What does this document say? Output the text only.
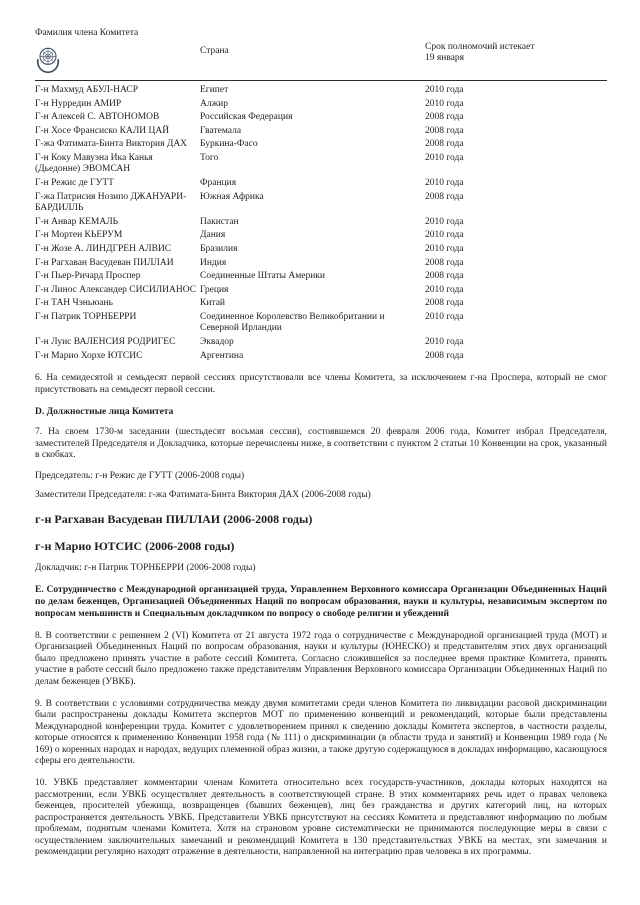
Фамилия члена Комитета
Страна	Срок полномочий истекает 19 января
Г-н Махмуд АБУЛ-НАСР	Египет	2010 года
Г-н Нурредин АМИР	Алжир	2010 года
Г-н Алексей С. АВТОНОМОВ	Российская Федерация	2008 года
Г-н Хосе Франсиско КАЛИ ЦАЙ	Гватемала	2008 года
Г-жа Фатимата-Бинта Виктория ДАХ	Буркина-Фасо	2008 года
Г-н Коку Мавуэна Ика Канья (Дьедонне) ЭВОМСАН	Того	2010 года
Г-н Режис де ГУТТ	Франция	2010 года
Г-жа Патрисия Нозипо ДЖАНУАРИ-БАРДИЛЛЬ	Южная Африка	2008 года
Г-н Анвар КЕМАЛЬ	Пакистан	2010 года
Г-н Мортен КЬЕРУМ	Дания	2010 года
Г-н Жозе А. ЛИНДГРЕН АЛВИС	Бразилия	2010 года
Г-н Рагхаван Васудеван ПИЛЛАИ	Индия	2008 года
Г-н Пьер-Ричард Проспер	Соединенные Штаты Америки	2008 года
Г-н Линос Александер СИСИЛИАНОС	Греция	2010 года
Г-н ТАН Чэньюань	Китай	2008 года
Г-н Патрик ТОРНБЕРРИ	Соединенное Королевство Великобритании и Северной Ирландии	2010 года
Г-н Луис ВАЛЕНСИЯ РОДРИГЕС	Эквадор	2010 года
Г-н Марио Хорхе ЮТСИС	Аргентина	2008 года

6. На семидесятой и семьдесят первой сессиях присутствовали все члены Комитета, за исключением г-на Проспера, который не смог присутствовать на семьдесят первой сессии.

D. Должностные лица Комитета

7. На своем 1730-м заседании (шестьдесят восьмая сессия), состоявшемся 20 февраля 2006 года, Комитет избрал Председателя, заместителей Председателя и Докладчика, которые перечислены ниже, в соответствии с пунктом 2 статьи 10 Конвенции на срок, указанный в скобках.

Председатель: г-н Режис де ГУТТ (2006-2008 годы)

Заместители Председателя: г-жа Фатимата-Бинта Виктория ДАХ (2006-2008 годы)

г-н Рагхаван Васудеван ПИЛЛАИ (2006-2008 годы)

г-н Марио ЮТСИС (2006-2008 годы)

Докладчик: г-н Патрик ТОРНБЕРРИ (2006-2008 годы)

Е. Сотрудничество с Международной организацией труда, Управлением Верховного комиссара Организации Объединенных Наций по делам беженцев, Организацией Объединенных Наций по вопросам образования, науки и культуры, независимым экспертом по вопросам меньшинств и Специальным докладчиком по вопросу о свободе религии и убеждений

8. В соответствии с решением 2 (VI) Комитета от 21 августа 1972 года о сотрудничестве с Международной организацией труда (МОТ) и Организацией Объединенных Наций по вопросам образования, науки и культуры (ЮНЕСКО) и представителям этих двух организаций было предложено принять участие в работе сессий Комитета. Согласно сложившейся за последнее время практике Комитета, принять участие в работе сессий было предложено также представителям Управления Верховного комиссара Организации Объединенных Наций по делам беженцев (УВКБ).

9. В соответствии с условиями сотрудничества между двумя комитетами среди членов Комитета по ликвидации расовой дискриминации были распространены доклады Комитета экспертов МОТ по применению конвенций и рекомендаций, которые были представлены Международной конференции труда. Комитет с удовлетворением принял к сведению доклады Комитета экспертов, в частности разделы, которые относятся к применению Конвенции 1958 года (№ 111) о дискриминации (в области труда и занятий) и Конвенции 1989 года (№ 169) о коренных народах и народах, ведущих племенной образ жизни, а также другую содержащуюся в докладах информацию, касающуюся сферы его деятельности.

10. УВКБ представляет комментарии членам Комитета относительно всех государств-участников, доклады которых находятся на рассмотрении, если УВКБ осуществляет деятельность в соответствующей стране. В этих комментариях речь идет о правах человека беженцев, просителей убежища, возвращенцев (бывших беженцев), лиц без гражданства и других категорий лиц, на которых распространяется деятельность УВКБ. Представители УВКБ присутствуют на сессиях Комитета и представляют информацию по любым проблемам, поднятым членами Комитета. Хотя на страновом уровне систематически не принимаются последующие меры в связи с осуществлением заключительных замечаний и рекомендаций Комитета в 130 представительствах УВКБ на местах, эти замечания и рекомендации регулярно находят отражение в деятельности, направленной на интеграцию прав человека в их программы.
